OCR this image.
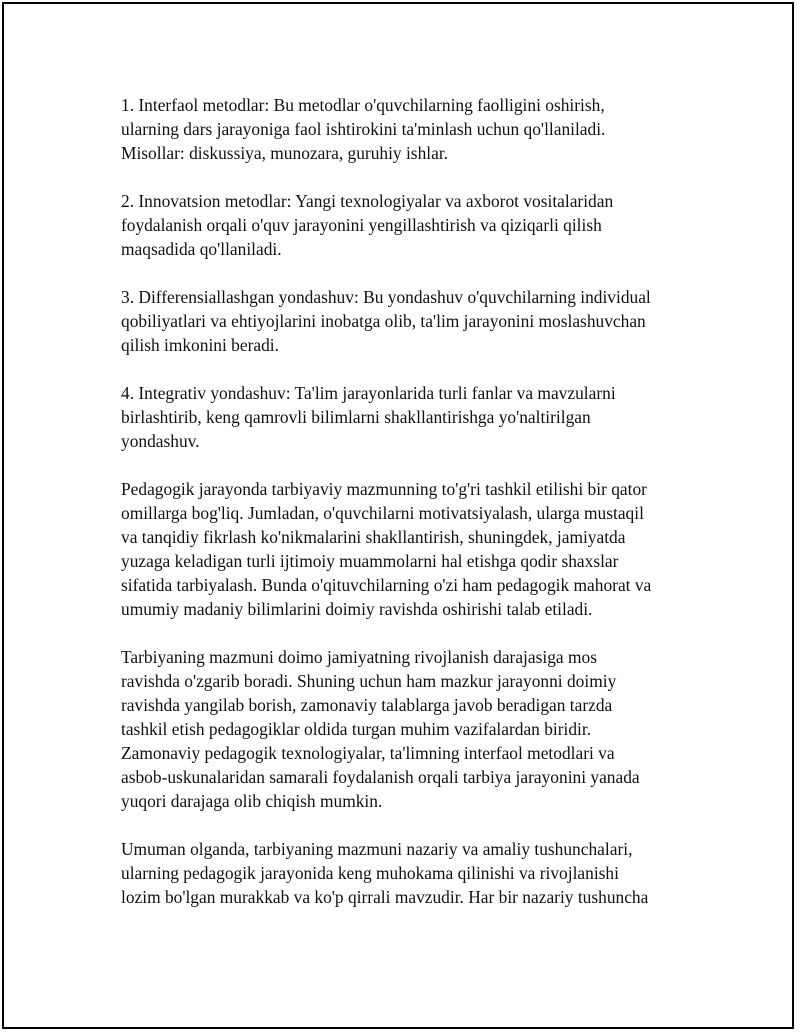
1. Interfaol metodlar: Bu metodlar o'quvchilarning faolligini oshirish,
ularning dars jarayoniga faol ishtirokini ta'minlash uchun qo'llaniladi.
Misollar: diskussiya, munozara, guruhiy ishlar.

2. Innovatsion metodlar: Yangi texnologiyalar va axborot vositalaridan
foydalanish orqali o'quv jarayonini yengillashtirish va qiziqarli qilish
maqsadida qo'llaniladi.

3. Differensiallashgan yondashuv: Bu yondashuv o'quvchilarning individual
qobiliyatlari va ehtiyojlarini inobatga olib, ta'lim jarayonini moslashuvchan
qilish imkonini beradi.

4. Integrativ yondashuv: Ta'lim jarayonlarida turli fanlar va mavzularni
birlashtirib, keng qamrovli bilimlarni shakllantirishga yo'naltirilgan
yondashuv.

Pedagogik jarayonda tarbiyaviy mazmunning to'g'ri tashkil etilishi bir qator
omillarga bog'liq. Jumladan, o'quvchilarni motivatsiyalash, ularga mustaqil
va tanqidiy fikrlash ko'nikmalarini shakllantirish, shuningdek, jamiyatda
yuzaga keladigan turli ijtimoiy muammolarni hal etishga qodir shaxslar
sifatida tarbiyalash. Bunda o'qituvchilarning o'zi ham pedagogik mahorat va
umumiy madaniy bilimlarini doimiy ravishda oshirishi talab etiladi.

Tarbiyaning mazmuni doimo jamiyatning rivojlanish darajasiga mos
ravishda o'zgarib boradi. Shuning uchun ham mazkur jarayonni doimiy
ravishda yangilab borish, zamonaviy talablarga javob beradigan tarzda
tashkil etish pedagogiklar oldida turgan muhim vazifalardan biridir.
Zamonaviy pedagogik texnologiyalar, ta'limning interfaol metodlari va
asbob-uskunalaridan samarali foydalanish orqali tarbiya jarayonini yanada
yuqori darajaga olib chiqish mumkin.

Umuman olganda, tarbiyaning mazmuni nazariy va amaliy tushunchalari,
ularning pedagogik jarayonida keng muhokama qilinishi va rivojlanishi
lozim bo'lgan murakkab va ko'p qirrali mavzudir. Har bir nazariy tushuncha
